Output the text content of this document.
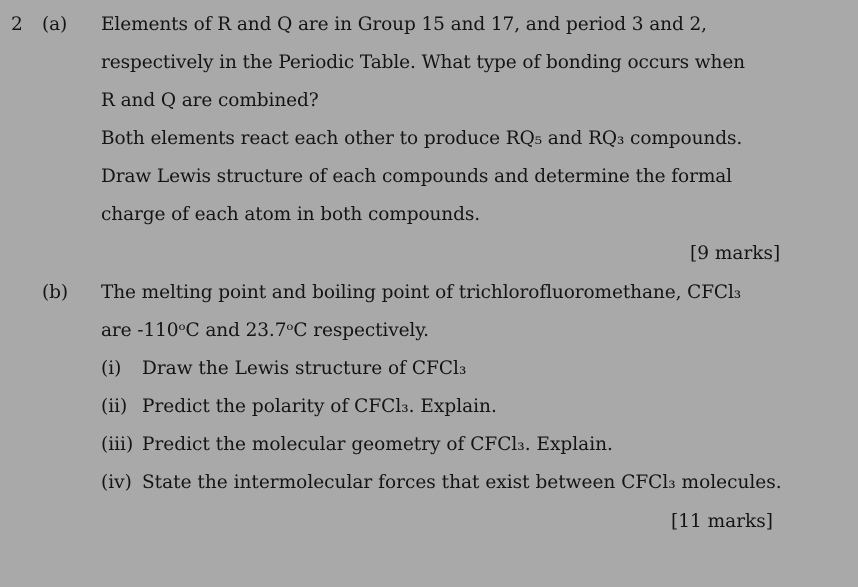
2 (a) Elements of R and Q are in Group 15 and 17, and period 3 and 2,
respectively in the Periodic Table. What type of bonding occurs when
R and Q are combined?
Both elements react each other to produce RQ₅ and RQ₃ compounds.
Draw Lewis structure of each compounds and determine the formal
charge of each atom in both compounds.
[9 marks]
(b) The melting point and boiling point of trichlorofluoromethane, CFCl₃
are -110ᵒC and 23.7ᵒC respectively.
(i) Draw the Lewis structure of CFCl₃
(ii) Predict the polarity of CFCl₃. Explain.
(iii) Predict the molecular geometry of CFCl₃. Explain.
(iv) State the intermolecular forces that exist between CFCl₃ molecules.
[11 marks]
